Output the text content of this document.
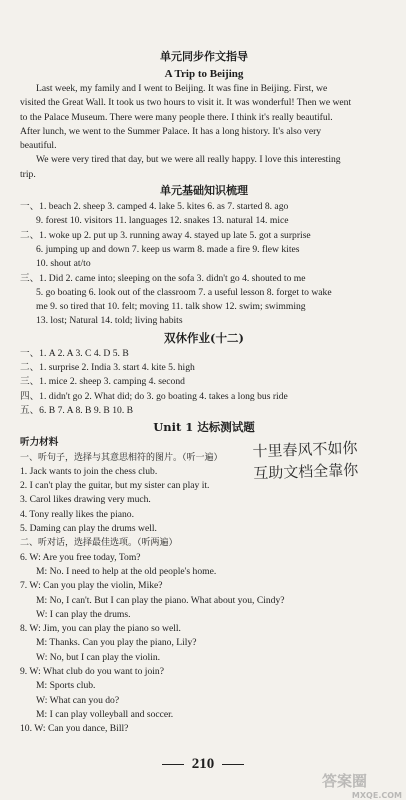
单元同步作文指导
A Trip to Beijing
Last week, my family and I went to Beijing. It was fine in Beijing. First, we
visited the Great Wall. It took us two hours to visit it. It was wonderful! Then we went
to the Palace Museum. There were many people there. I think it's really beautiful.
After lunch, we went to the Summer Palace. It has a long history. It's also very
beautiful.
We were very tired that day, but we were all really happy. I love this interesting
trip.
单元基础知识梳理
一、1. beach 2. sheep 3. camped 4. lake 5. kites 6. as 7. started 8. ago
9. forest 10. visitors 11. languages 12. snakes 13. natural 14. mice
二、1. woke up 2. put up 3. running away 4. stayed up late 5. got a surprise
6. jumping up and down 7. keep us warm 8. made a fire 9. flew kites
10. shout at/to
三、1. Did 2. came into; sleeping on the sofa 3. didn't go 4. shouted to me
5. go boating 6. look out of the classroom 7. a useful lesson 8. forget to wake
me 9. so tired that 10. felt; moving 11. talk show 12. swim; swimming
13. lost; Natural 14. told; living habits
双休作业(十二)
一、1. A 2. A 3. C 4. D 5. B
二、1. surprise 2. India 3. start 4. kite 5. high
三、1. mice 2. sheep 3. camping 4. second
四、1. didn't go 2. What did; do 3. go boating 4. takes a long bus ride
五、6. B 7. A 8. B 9. B 10. B
Unit 1 达标测试题
听力材料
一、听句子，选择与其意思相符的图片。（听一遍）
1. Jack wants to join the chess club.
2. I can't play the guitar, but my sister can play it.
3. Carol likes drawing very much.
4. Tony really likes the piano.
5. Daming can play the drums well.
二、听对话，选择最佳选项。（听两遍）
6. W: Are you free today, Tom?
M: No. I need to help at the old people's home.
7. W: Can you play the violin, Mike?
M: No, I can't. But I can play the piano. What about you, Cindy?
W: I can play the drums.
8. W: Jim, you can play the piano so well.
M: Thanks. Can you play the piano, Lily?
W: No, but I can play the violin.
9. W: What club do you want to join?
M: Sports club.
W: What can you do?
M: I can play volleyball and soccer.
10. W: Can you dance, Bill?
十里春风不如你
互助文档全靠你
210
答案圈
MXQE.COM
